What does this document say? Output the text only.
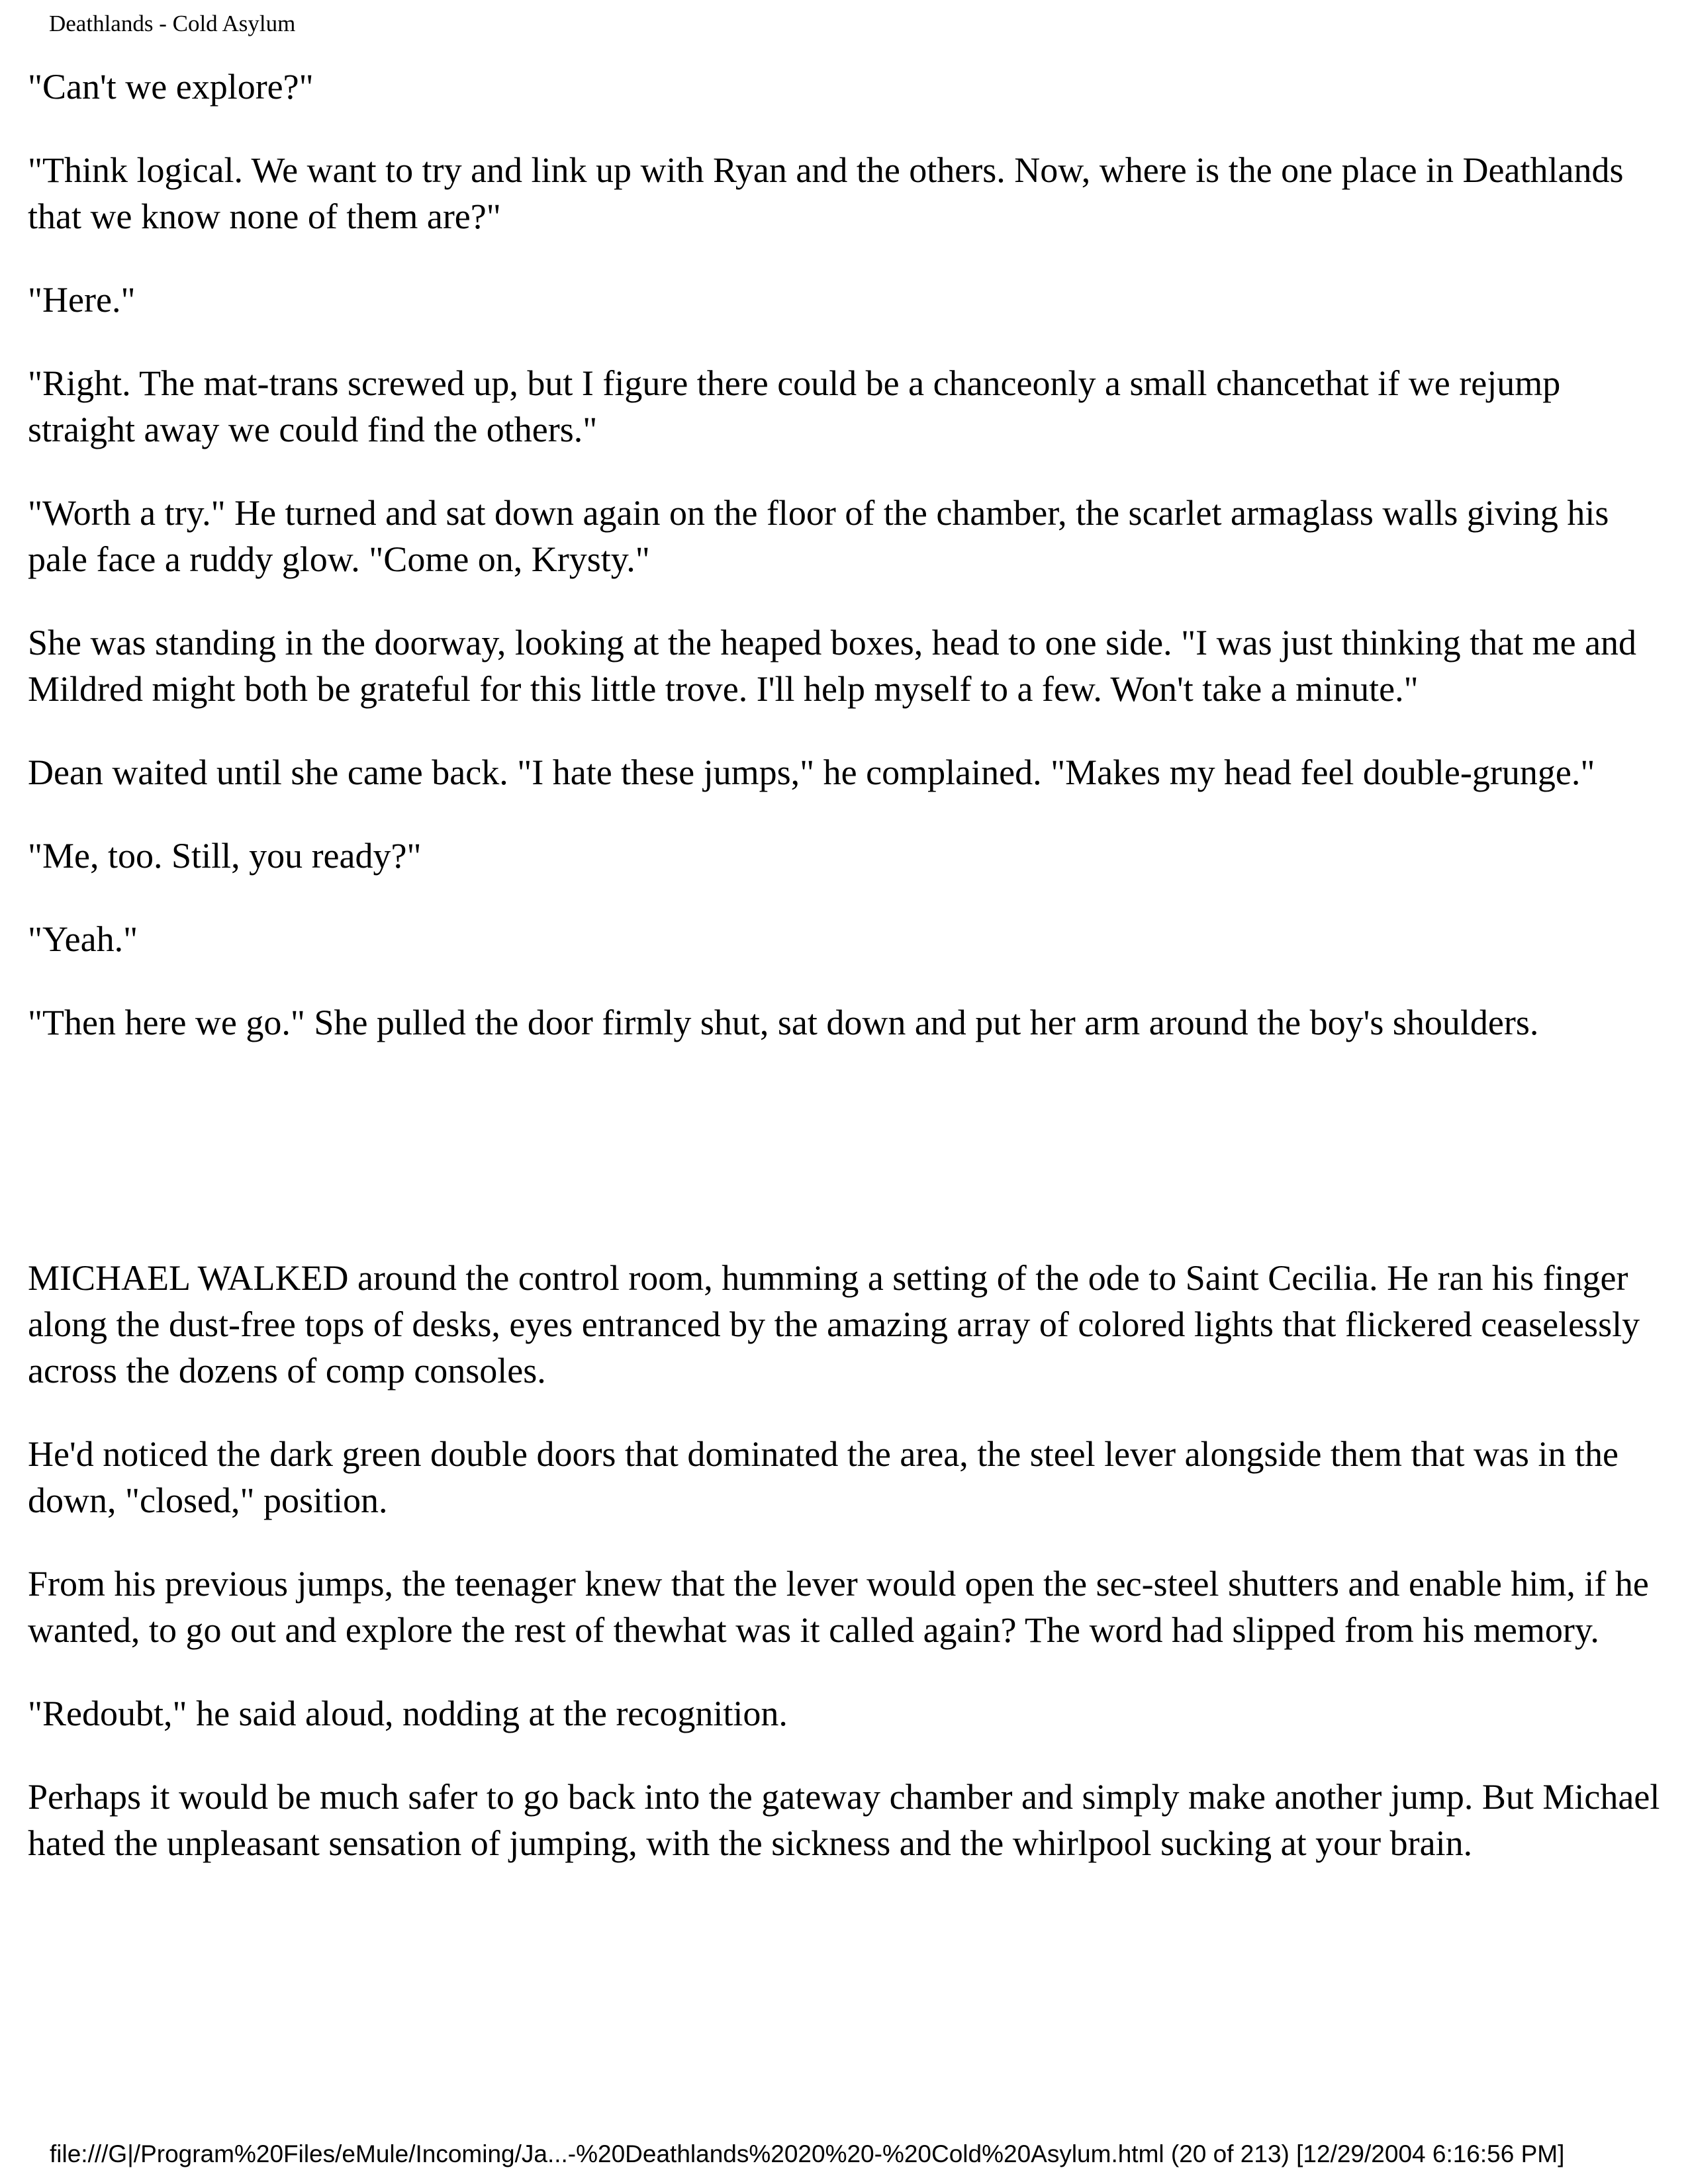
Deathlands - Cold Asylum

"Can't we explore?"

"Think logical. We want to try and link up with Ryan and the others. Now, where is the one place in Deathlands that we know none of them are?"

"Here."

"Right. The mat-trans screwed up, but I figure there could be a chanceonly a small chancethat if we rejump straight away we could find the others."

"Worth a try." He turned and sat down again on the floor of the chamber, the scarlet armaglass walls giving his pale face a ruddy glow. "Come on, Krysty."

She was standing in the doorway, looking at the heaped boxes, head to one side. "I was just thinking that me and Mildred might both be grateful for this little trove. I'll help myself to a few. Won't take a minute."

Dean waited until she came back. "I hate these jumps," he complained. "Makes my head feel double-grunge."

"Me, too. Still, you ready?"

"Yeah."

"Then here we go." She pulled the door firmly shut, sat down and put her arm around the boy's shoulders.

MICHAEL WALKED around the control room, humming a setting of the ode to Saint Cecilia. He ran his finger along the dust-free tops of desks, eyes entranced by the amazing array of colored lights that flickered ceaselessly across the dozens of comp consoles.

He'd noticed the dark green double doors that dominated the area, the steel lever alongside them that was in the down, "closed," position.

From his previous jumps, the teenager knew that the lever would open the sec-steel shutters and enable him, if he wanted, to go out and explore the rest of thewhat was it called again? The word had slipped from his memory.

"Redoubt," he said aloud, nodding at the recognition.

Perhaps it would be much safer to go back into the gateway chamber and simply make another jump. But Michael hated the unpleasant sensation of jumping, with the sickness and the whirlpool sucking at your brain.

file:///G|/Program%20Files/eMule/Incoming/Ja...-%20Deathlands%2020%20-%20Cold%20Asylum.html (20 of 213) [12/29/2004 6:16:56 PM]
